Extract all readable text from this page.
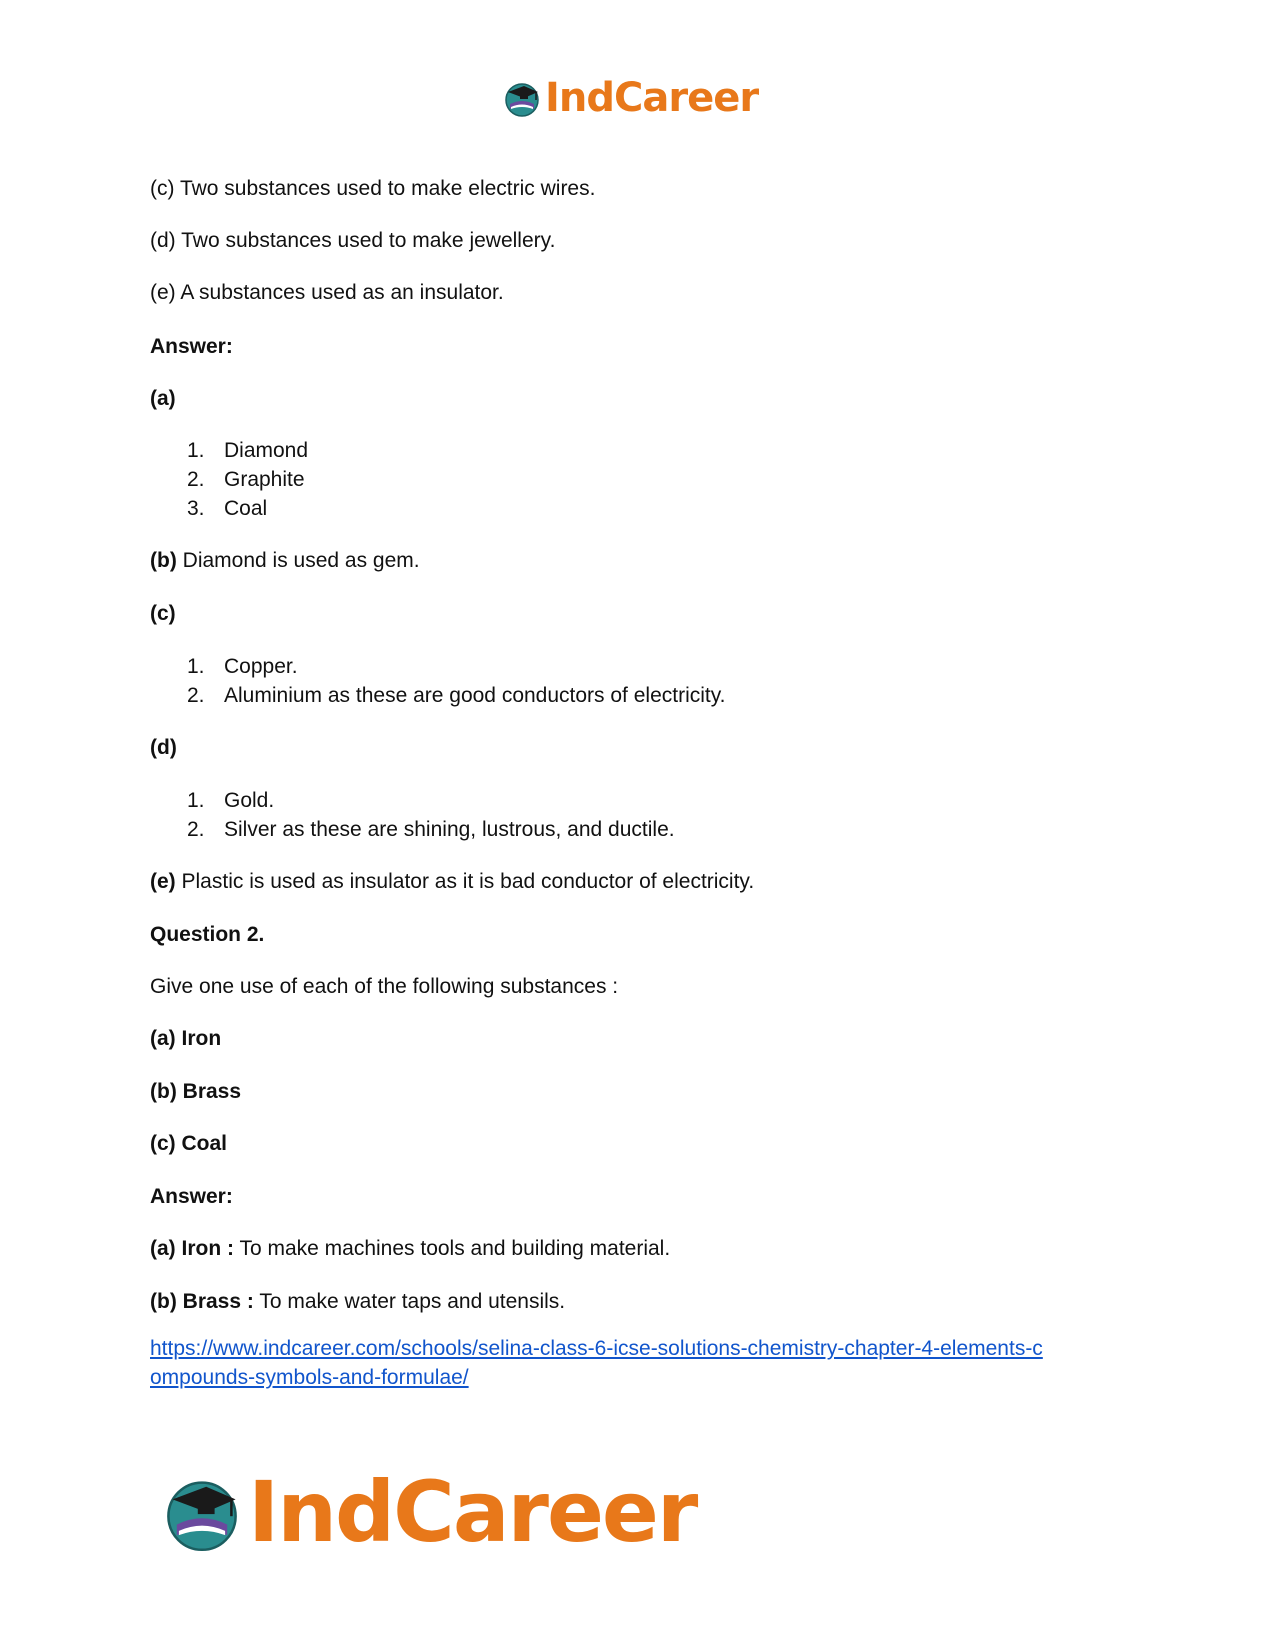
IndCareer
(c) Two substances used to make electric wires.
(d) Two substances used to make jewellery.
(e) A substances used as an insulator.
Answer:
(a)
1. Diamond
2. Graphite
3. Coal
(b) Diamond is used as gem.
(c)
1. Copper.
2. Aluminium as these are good conductors of electricity.
(d)
1. Gold.
2. Silver as these are shining, lustrous, and ductile.
(e) Plastic is used as insulator as it is bad conductor of electricity.
Question 2.
Give one use of each of the following substances :
(a) Iron
(b) Brass
(c) Coal
Answer:
(a) Iron : To make machines tools and building material.
(b) Brass : To make water taps and utensils.
https://www.indcareer.com/schools/selina-class-6-icse-solutions-chemistry-chapter-4-elements-c
ompounds-symbols-and-formulae/
IndCareer
